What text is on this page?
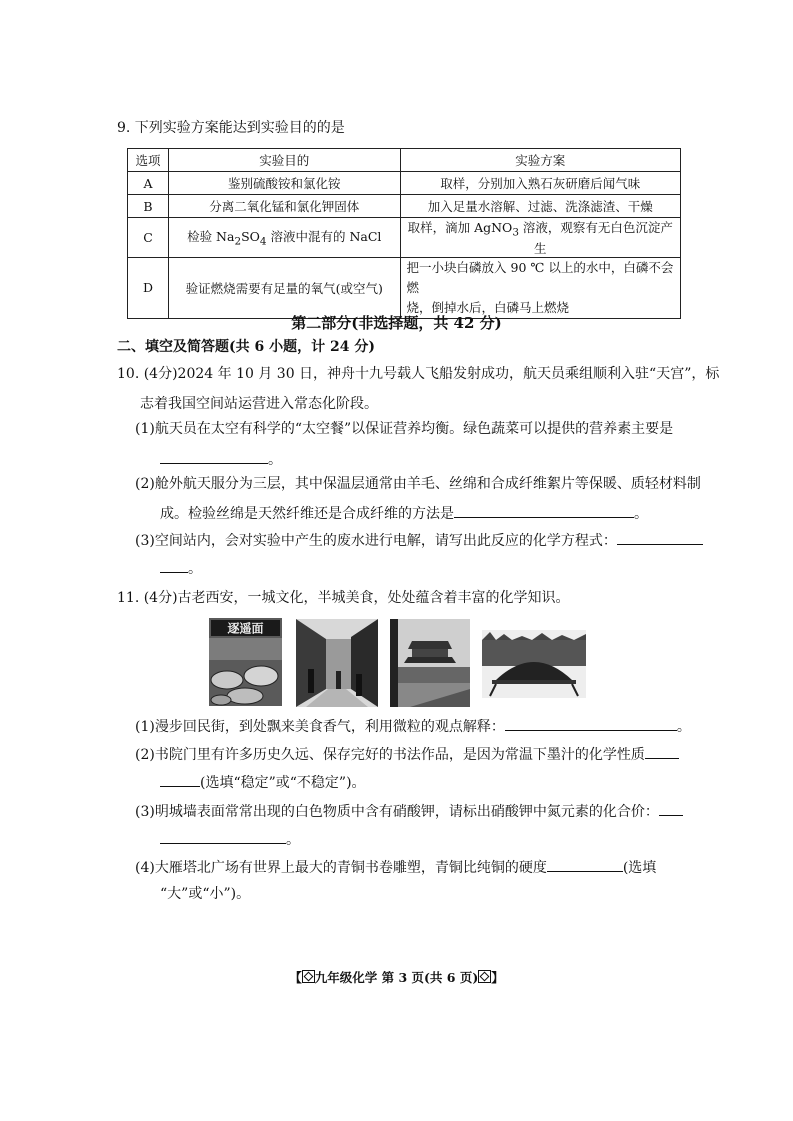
9. 下列实验方案能达到实验目的的是
选项	实验目的	实验方案
A	鉴别硫酸铵和氯化铵	取样，分别加入熟石灰研磨后闻气味
B	分离二氧化锰和氯化钾固体	加入足量水溶解、过滤、洗涤滤渣、干燥
C	检验 $Na_2SO_4$ 溶液中混有的 NaCl	取样，滴加 AgNO$_3$ 溶液，观察有无白色沉淀产生
D	验证燃烧需要有足量的氧气(或空气)	把一小块白磷放入 90 ℃ 以上的水中，白磷不会燃
烧，倒掉水后，白磷马上燃烧
第二部分(非选择题，共 42 分)
二、填空及简答题(共 6 小题，计 24 分)
10. (4分)2024 年 10 月 30 日，神舟十九号载人飞船发射成功，航天员乘组顺利入驻“天宫”，标
志着我国空间站运营进入常态化阶段。
(1)航天员在太空有科学的“太空餐”以保证营养均衡。绿色蔬菜可以提供的营养素主要是
。
(2)舱外航天服分为三层，其中保温层通常由羊毛、丝绵和合成纤维絮片等保暖、质轻材料制
成。检验丝绵是天然纤维还是合成纤维的方法是	。
(3)空间站内，会对实验中产生的废水进行电解，请写出此反应的化学方程式：
。
11. (4分)古老西安，一城文化，半城美食，处处蕴含着丰富的化学知识。
逐遥面
(1)漫步回民街，到处飘来美食香气，利用微粒的观点解释：	。
(2)书院门里有许多历史久远、保存完好的书法作品，是因为常温下墨汁的化学性质
(选填“稳定”或“不稳定”)。
(3)明城墙表面常常出现的白色物质中含有硝酸钾，请标出硝酸钾中氮元素的化合价：
。
(4)大雁塔北广场有世界上最大的青铜书卷雕塑，青铜比纯铜的硬度	(选填
“大”或“小”)。
【 九年级化学 第 3 页(共 6 页) 】
